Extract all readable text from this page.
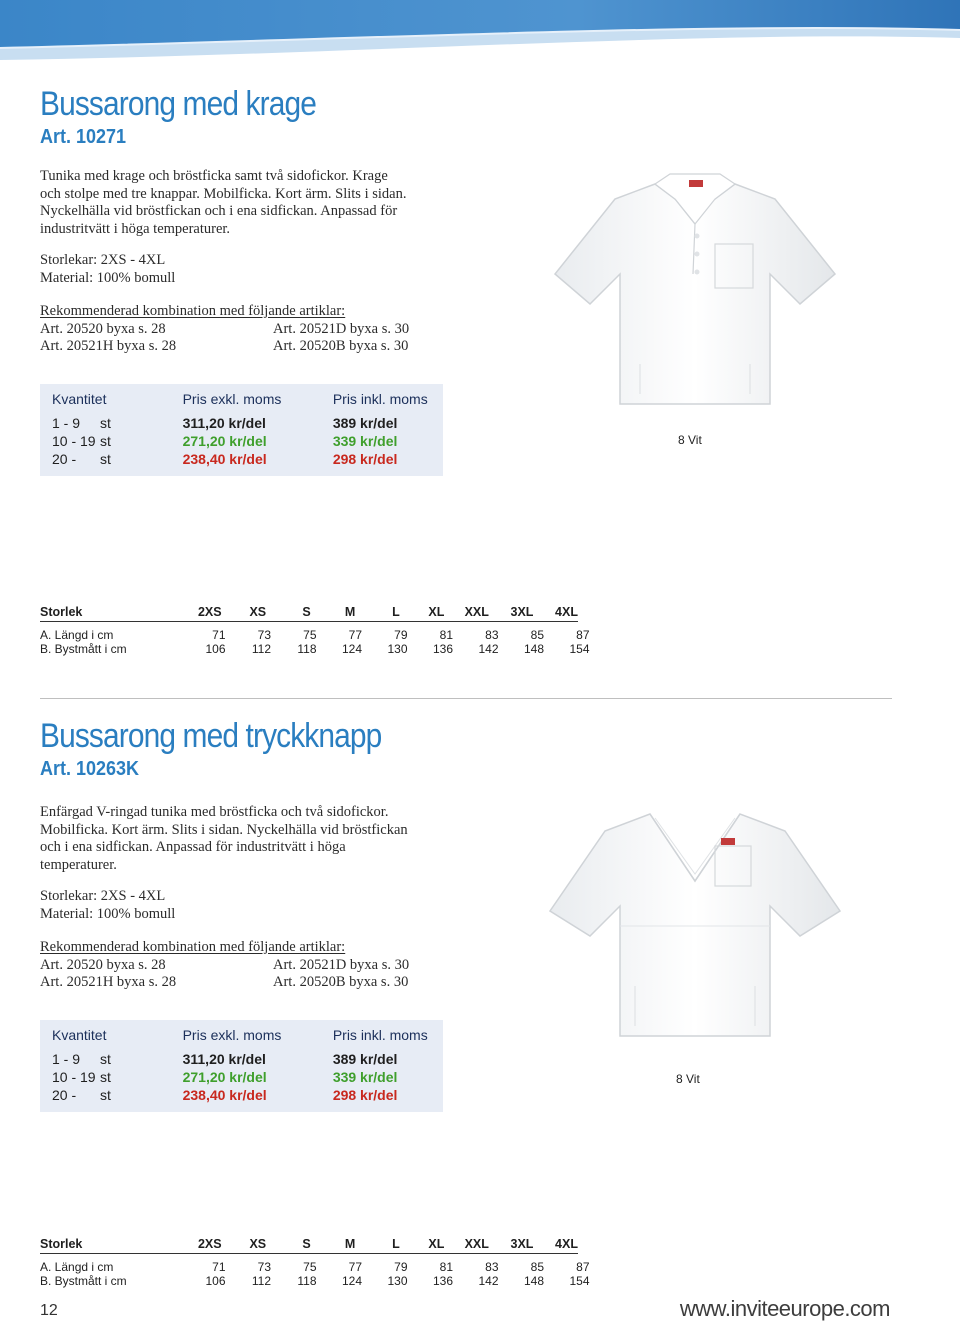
Bussarong med krage
Art. 10271
Tunika med krage och bröstficka samt två sidofickor. Krage
och stolpe med tre knappar. Mobilficka. Kort ärm. Slits i sidan.
Nyckelhälla vid bröstfickan och i ena sidfickan. Anpassad för
industritvätt i höga temperaturer.
Storlekar: 2XS - 4XL
Material: 100% bomull
Rekommenderad kombination med följande artiklar:
Art. 20520 byxa s. 28	Art. 20521D byxa s. 30
Art. 20521H byxa s. 28	Art. 20520B byxa s. 30
Kvantitet	Pris exkl. moms	Pris inkl. moms
1 - 9 st	311,20 kr/del	389 kr/del
10 - 19 st	271,20 kr/del	339 kr/del
20 - st	238,40 kr/del	298 kr/del
8 Vit
Storlek	2XS	XS	S	M	L	XL	XXL	3XL	4XL
A. Längd i cm	71	73	75	77	79	81	83	85	87
B. Bystmått i cm	106	112	118	124	130	136	142	148	154
Bussarong med tryckknapp
Art. 10263K
Enfärgad V-ringad tunika med bröstficka och två sidofickor.
Mobilficka. Kort ärm. Slits i sidan. Nyckelhälla vid bröstfickan
och i ena sidfickan. Anpassad för industritvätt i höga
temperaturer.
Storlekar: 2XS - 4XL
Material: 100% bomull
Rekommenderad kombination med följande artiklar:
Art. 20520 byxa s. 28	Art. 20521D byxa s. 30
Art. 20521H byxa s. 28	Art. 20520B byxa s. 30
Kvantitet	Pris exkl. moms	Pris inkl. moms
1 - 9 st	311,20 kr/del	389 kr/del
10 - 19 st	271,20 kr/del	339 kr/del
20 - st	238,40 kr/del	298 kr/del
8 Vit
Storlek	2XS	XS	S	M	L	XL	XXL	3XL	4XL
A. Längd i cm	71	73	75	77	79	81	83	85	87
B. Bystmått i cm	106	112	118	124	130	136	142	148	154
12	www.inviteeurope.com
